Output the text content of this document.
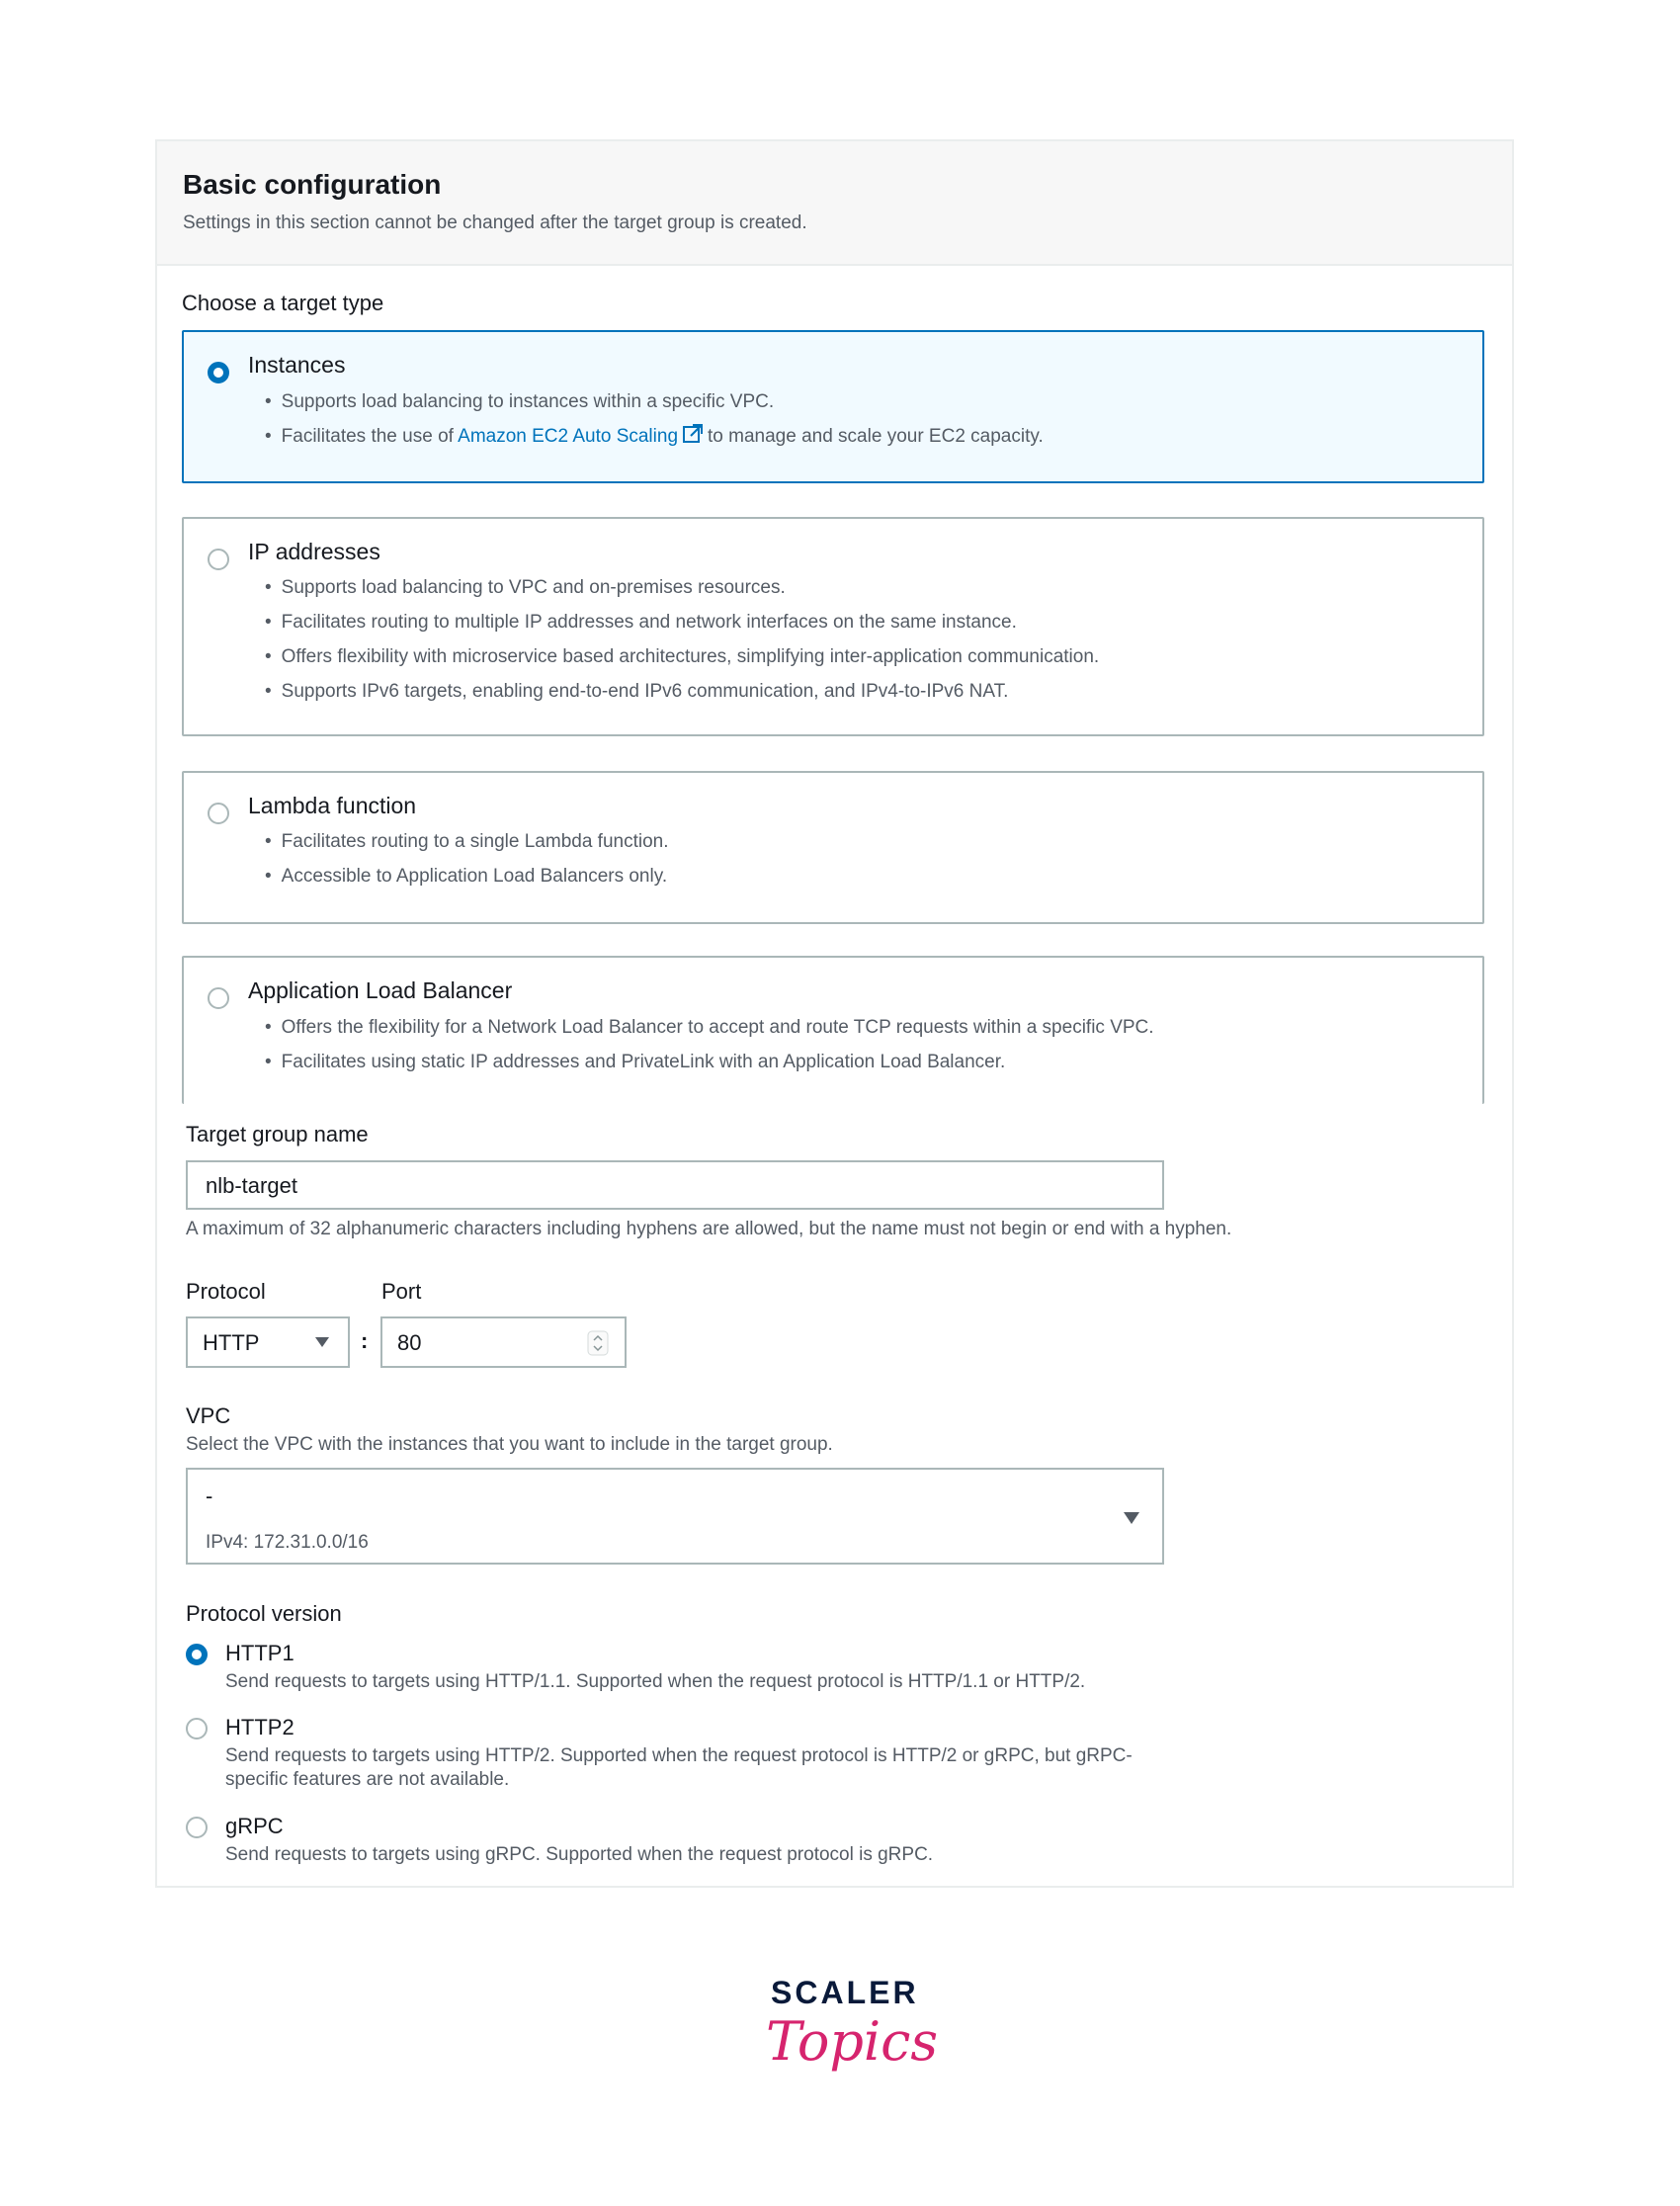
Basic configuration
Settings in this section cannot be changed after the target group is created.
Choose a target type
Instances
• Supports load balancing to instances within a specific VPC.
• Facilitates the use of Amazon EC2 Auto Scaling to manage and scale your EC2 capacity.
IP addresses
• Supports load balancing to VPC and on-premises resources.
• Facilitates routing to multiple IP addresses and network interfaces on the same instance.
• Offers flexibility with microservice based architectures, simplifying inter-application communication.
• Supports IPv6 targets, enabling end-to-end IPv6 communication, and IPv4-to-IPv6 NAT.
Lambda function
• Facilitates routing to a single Lambda function.
• Accessible to Application Load Balancers only.
Application Load Balancer
• Offers the flexibility for a Network Load Balancer to accept and route TCP requests within a specific VPC.
• Facilitates using static IP addresses and PrivateLink with an Application Load Balancer.
Target group name
nlb-target
A maximum of 32 alphanumeric characters including hyphens are allowed, but the name must not begin or end with a hyphen.
Protocol	Port
HTTP	:	80
VPC
Select the VPC with the instances that you want to include in the target group.
-
IPv4: 172.31.0.0/16
Protocol version
HTTP1
Send requests to targets using HTTP/1.1. Supported when the request protocol is HTTP/1.1 or HTTP/2.
HTTP2
Send requests to targets using HTTP/2. Supported when the request protocol is HTTP/2 or gRPC, but gRPC-specific features are not available.
gRPC
Send requests to targets using gRPC. Supported when the request protocol is gRPC.
SCALER
Topics
